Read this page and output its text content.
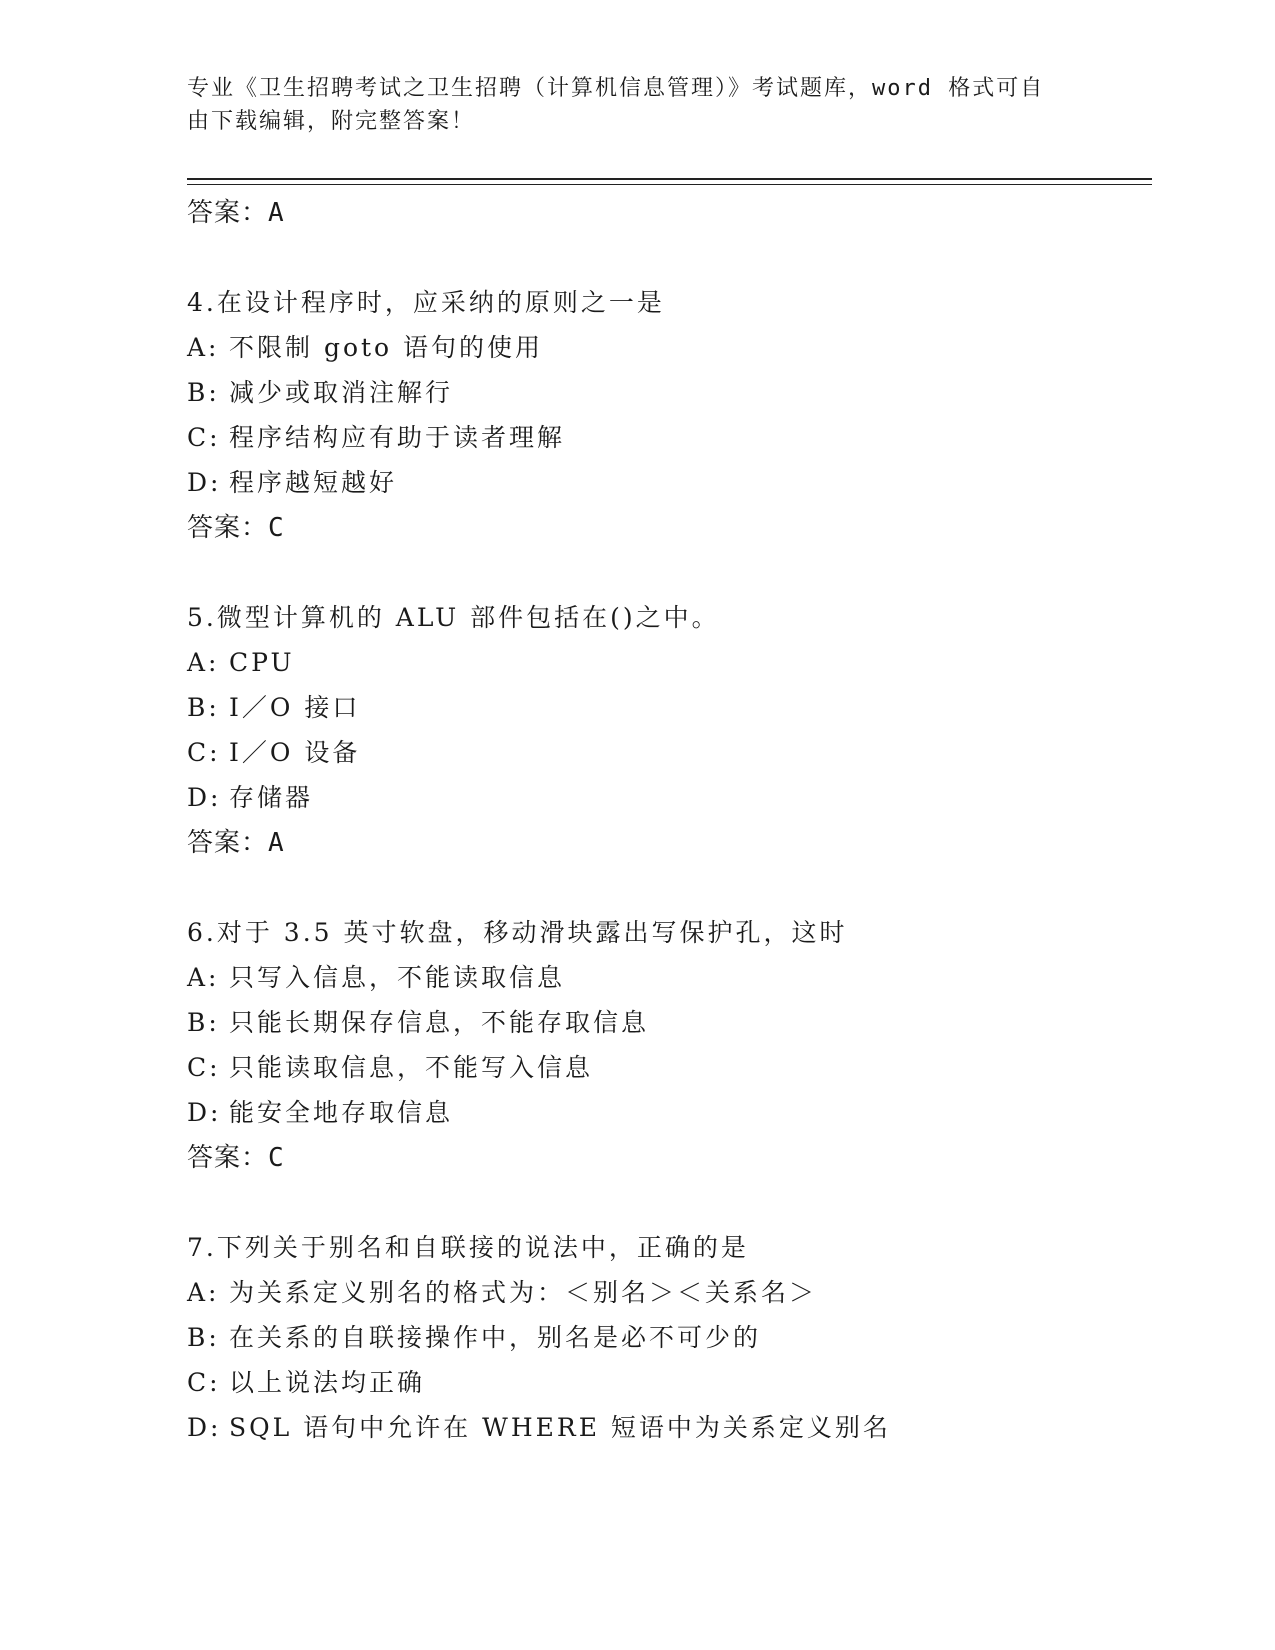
专业《卫生招聘考试之卫生招聘（计算机信息管理）》考试题库，word 格式可自
由下载编辑，附完整答案！
答案：A
4.在设计程序时，应采纳的原则之一是
A: 不限制 goto 语句的使用
B: 减少或取消注解行
C: 程序结构应有助于读者理解
D: 程序越短越好
答案：C
5.微型计算机的 ALU 部件包括在()之中。
A: CPU
B: I／O 接口
C: I／O 设备
D: 存储器
答案：A
6.对于 3.5 英寸软盘，移动滑块露出写保护孔，这时
A: 只写入信息，不能读取信息
B: 只能长期保存信息，不能存取信息
C: 只能读取信息，不能写入信息
D: 能安全地存取信息
答案：C
7.下列关于别名和自联接的说法中，正确的是
A: 为关系定义别名的格式为：＜别名＞＜关系名＞
B: 在关系的自联接操作中，别名是必不可少的
C: 以上说法均正确
D: SQL 语句中允许在 WHERE 短语中为关系定义别名
